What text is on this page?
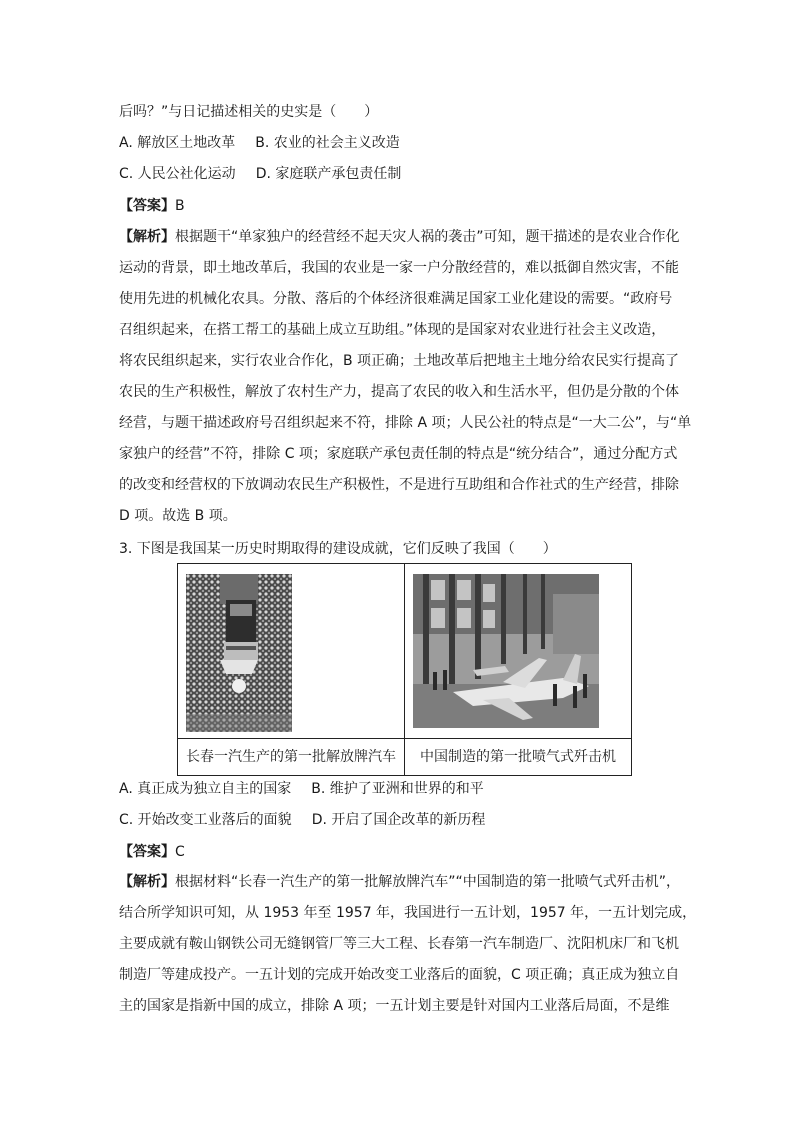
后吗？”与日记描述相关的史实是（　　）
A. 解放区土地改革 B. 农业的社会主义改造
C. 人民公社化运动 D. 家庭联产承包责任制
【答案】B
【解析】根据题干“单家独户的经营经不起天灾人祸的袭击”可知，题干描述的是农业合作化
运动的背景，即土地改革后，我国的农业是一家一户分散经营的，难以抵御自然灾害，不能
使用先进的机械化农具。分散、落后的个体经济很难满足国家工业化建设的需要。“政府号
召组织起来，在搭工帮工的基础上成立互助组。”体现的是国家对农业进行社会主义改造，
将农民组织起来，实行农业合作化，B 项正确；土地改革后把地主土地分给农民实行提高了
农民的生产积极性，解放了农村生产力，提高了农民的收入和生活水平，但仍是分散的个体
经营，与题干描述政府号召组织起来不符，排除 A 项；人民公社的特点是“一大二公”，与“单
家独户的经营”不符，排除 C 项；家庭联产承包责任制的特点是“统分结合”，通过分配方式
的改变和经营权的下放调动农民生产积极性，不是进行互助组和合作社式的生产经营，排除
D 项。故选 B 项。
3. 下图是我国某一历史时期取得的建设成就，它们反映了我国（　　）

长春一汽生产的第一批解放牌汽车	中国制造的第一批喷气式歼击机
A. 真正成为独立自主的国家 B. 维护了亚洲和世界的和平
C. 开始改变工业落后的面貌 D. 开启了国企改革的新历程
【答案】C
【解析】根据材料“长春一汽生产的第一批解放牌汽车”“中国制造的第一批喷气式歼击机”，
结合所学知识可知，从 1953 年至 1957 年，我国进行一五计划，1957 年，一五计划完成，
主要成就有鞍山钢铁公司无缝钢管厂等三大工程、长春第一汽车制造厂、沈阳机床厂和飞机
制造厂等建成投产。一五计划的完成开始改变工业落后的面貌，C 项正确；真正成为独立自
主的国家是指新中国的成立，排除 A 项；一五计划主要是针对国内工业落后局面，不是维
